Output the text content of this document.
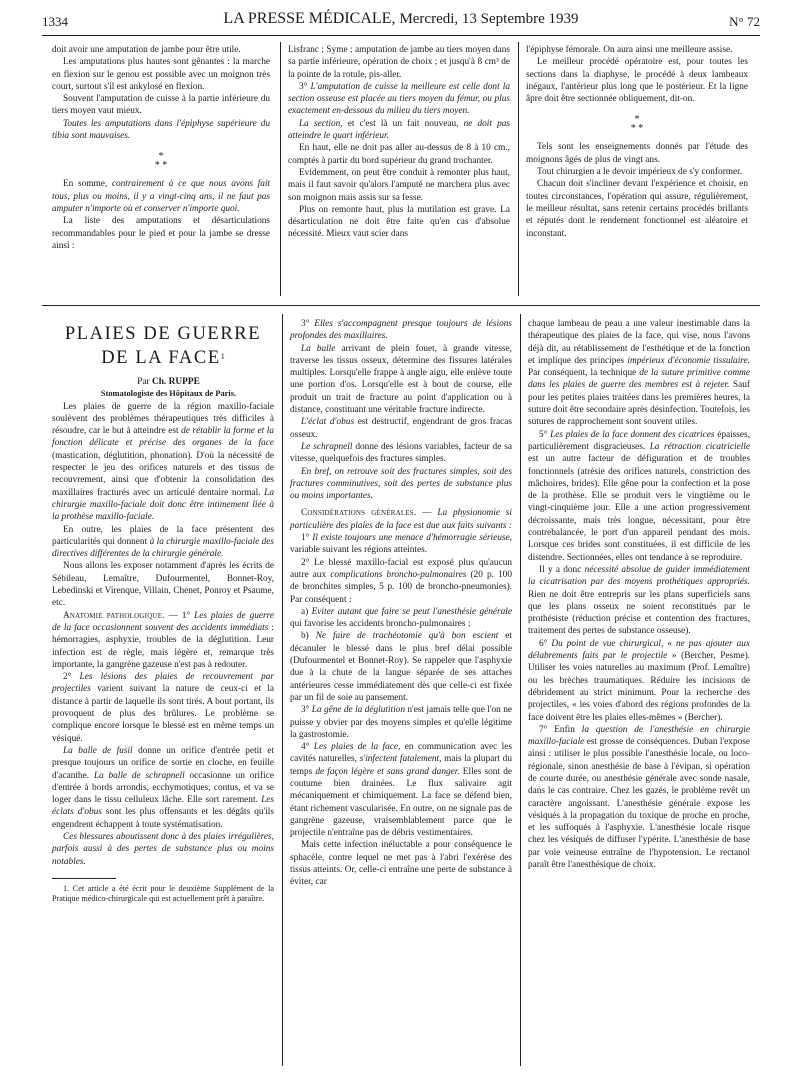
1334	LA PRESSE MÉDICALE, Mercredi, 13 Septembre 1939	N° 72

doit avoir une amputation de jambe pour être utile.

Les amputations plus hautes sont gênantes : la marche en flexion sur le genou est possible avec un moignon très court, surtout s'il est ankylosé en flexion.

Souvent l'amputation de cuisse à la partie inférieure du tiers moyen vaut mieux.

Toutes les amputations dans l'épiphyse supérieure du tibia sont mauvaises.

*
* *

En somme, contrairement à ce que nous avons fait tous, plus ou moins, il y a vingt-cinq ans, il ne faut pas amputer n'importe où et conserver n'importe quoi.

La liste des amputations et désarticulations recommandables pour le pied et pour la jambe se dresse ainsi :

Lisfranc ; Syme ; amputation de jambe au tiers moyen dans sa partie inférieure, opération de choix ; et jusqu'à 8 cm³ de la pointe de la rotule, pis-aller.

3° L'amputation de cuisse la meilleure est celle dont la section osseuse est placée au tiers moyen du fémur, ou plus exactement en-dessous du milieu du tiers moyen.

La section, et c'est là un fait nouveau, ne doit pas atteindre le quart inférieur.

En haut, elle ne doit pas aller au-dessus de 8 à 10 cm., comptés à partir du bord supérieur du grand trochanter.

Evidemment, on peut être conduit à remonter plus haut, mais il faut savoir qu'alors l'amputé ne marchera plus avec son moignon mais assis sur sa fesse.

Plus on remonte haut, plus la mutilation est grave. La désarticulation ne doit être faite qu'en cas d'absolue nécessité. Mieux vaut scier dans

l'épiphyse fémorale. On aura ainsi une meilleure assise.

Le meilleur procédé opératoire est, pour toutes les sections dans la diaphyse, le procédé à deux lambeaux inégaux, l'antérieur plus long que le postérieur. Et la ligne âpre doit être sectionnée obliquement, dit-on.

*
* *

Tels sont les enseignements donnés par l'étude des moignons âgés de plus de vingt ans.

Tout chirurgien a le devoir impérieux de s'y conformer.

Chacun doit s'incliner devant l'expérience et choisir, en toutes circonstances, l'opération qui assure, régulièrement, le meilleur résultat, sans retenir certains procédés brillants et réputés dont le rendement fonctionnel est aléatoire et inconstant.

PLAIES DE GUERRE
DE LA FACE$^1$

Par Ch. RUPPE

Stomatologiste des Hôpitaux de Paris.

Les plaies de guerre de la région maxillo-faciale soulèvent des problèmes thérapeutiques très difficiles à résoudre, car le but à atteindre est de rétablir la forme et la fonction délicate et précise des organes de la face (mastication, déglutition, phonation). D'où la nécessité de respecter le jeu des orifices naturels et des tissus de recouvrement, ainsi que d'obtenir la consolidation des maxillaires fracturés avec un articulé dentaire normal. La chirurgie maxillo-faciale doit donc être intimement liée à la prothèse maxillo-faciale.

En outre, les plaies de la face présentent des particularités qui donnent à la chirurgie maxillo-faciale des directives différentes de la chirurgie générale.

Nous allons les exposer notamment d'après les écrits de Sébileau, Lemaître, Dufourmentel, Bonnet-Roy, Lebedinski et Virenque, Villain, Chenet, Ponroy et Psaume, etc.

Anatomie pathologique. — 1° Les plaies de guerre de la face occasionnent souvent des accidents immédiats : hémorragies, asphyxie, troubles de la déglutition. Leur infection est de règle, mais légère et, remarque très importante, la gangrène gazeuse n'est pas à redouter.

2° Les lésions des plaies de recouvrement par projectiles varient suivant la nature de ceux-ci et la distance à partir de laquelle ils sont tirés. A bout portant, ils provoquent de plus des brûlures. Le problème se complique encore lorsque le blessé est en même temps un vésiqué.

La balle de fusil donne un orifice d'entrée petit et presque toujours un orifice de sortie en cloche, en feuille d'acanthe. La balle de schrapnell occasionne un orifice d'entrée à bords arrondis, ecchymotiques, contus, et va se loger dans le tissu celluleux lâche. Elle sort rarement. Les éclats d'obus sont les plus offensants et les dégâts qu'ils engendrent échappent à toute systématisation.

Ces blessures aboutissent donc à des plaies irrégulières, parfois aussi à des pertes de substance plus ou moins notables.

1. Cet article a été écrit pour le deuxième Supplément de la Pratique médico-chirurgicale qui est actuellement prêt à paraître.

3° Elles s'accompagnent presque toujours de lésions profondes des maxillaires.

La balle arrivant de plein fouet, à grande vitesse, traverse les tissus osseux, détermine des fissures latérales multiples. Lorsqu'elle frappe à angle aigu, elle enlève toute une portion d'os. Lorsqu'elle est à bout de course, elle produit un trait de fracture au point d'application ou à distance, constituant une véritable fracture indirecte.

L'éclat d'obus est destructif, engendrant de gros fracas osseux.

Le schrapnell donne des lésions variables, facteur de sa vitesse, quelquefois des fractures simples.

En bref, on retrouve soit des fractures simples, soit des fractures comminutives, soit des pertes de substance plus ou moins importantes.

Considérations générales. — La physionomie si particulière des plaies de la face est due aux faits suivants :

1° Il existe toujours une menace d'hémorragie sérieuse, variable suivant les régions atteintes.

2° Le blessé maxillo-facial est exposé plus qu'aucun autre aux complications broncho-pulmonaires (20 p. 100 de bronchites simples, 5 p. 100 de broncho-pneumonies). Par conséquent :

a) Eviter autant que faire se peut l'anesthésie générale qui favorise les accidents broncho-pulmonaires ;

b) Ne faire de trachéotomie qu'à bon escient et décanuler le blessé dans le plus bref délai possible (Dufourmentel et Bonnet-Roy). Se rappeler que l'asphyxie due à la chute de la langue séparée de ses attaches antérieures cesse immédiatement dès que celle-ci est fixée par un fil de soie au pansement.

3° La gêne de la déglutition n'est jamais telle que l'on ne puisse y obvier par des moyens simples et qu'elle légitime la gastrostomie.

4° Les plaies de la face, en communication avec les cavités naturelles, s'infectent fatalement, mais la plupart du temps de façon légère et sans grand danger. Elles sont de coutume bien drainées. Le flux salivaire agit mécaniquement et chimiquement. La face se défend bien, étant richement vascularisée. En outre, on ne signale pas de gangrène gazeuse, vraisemblablement parce que le projectile n'entraîne pas de débris vestimentaires.

Mais cette infection inéluctable a pour conséquence le sphacèle, contre lequel ne met pas à l'abri l'exérèse des tissus atteints. Or, celle-ci entraîne une perte de substance à éviter, car

chaque lambeau de peau a une valeur inestimable dans la thérapeutique des plaies de la face, qui vise, nous l'avons déjà dit, au rétablissement de l'esthétique et de la fonction et implique des principes impérieux d'économie tissulaire. Par conséquent, la technique de la suture primitive comme dans les plaies de guerre des membres est à rejeter. Sauf pour les petites plaies traitées dans les premières heures, la suture doit être secondaire après désinfection. Toutefois, les sutures de rapprochement sont souvent utiles.

5° Les plaies de la face donnent des cicatrices épaisses, particulièrement disgracieuses. La rétraction cicatricielle est un autre facteur de défiguration et de troubles fonctionnels (atrésie des orifices naturels, constriction des mâchoires, brides). Elle gêne pour la confection et la pose de la prothèse. Elle se produit vers le vingtième ou le vingt-cinquième jour. Elle a une action progressivement décroissante, mais très longue, nécessitant, pour être contrebalancée, le port d'un appareil pendant des mois. Lorsque ces brides sont constituées, il est difficile de les distendre. Sectionnées, elles ont tendance à se reproduire.

Il y a donc nécessité absolue de guider immédiatement la cicatrisation par des moyens prothétiques appropriés. Rien ne doit être entrepris sur les plans superficiels sans que les plans osseux ne soient reconstitués par le prothésiste (réduction précise et contention des fractures, traitement des pertes de substance osseuse).

6° Du point de vue chirurgical, « ne pas ajouter aux délabrements faits par le projectile » (Bercher, Pesme). Utiliser les voies naturelles au maximum (Prof. Lemaître) ou les brèches traumatiques. Réduire les incisions de débridement au strict minimum. Pour la recherche des projectiles, « les voies d'abord des régions profondes de la face doivent être les plaies elles-mêmes » (Bercher).

7° Enfin la question de l'anesthésie en chirurgie maxillo-faciale est grosse de conséquences. Duban l'expose ainsi : utiliser le plus possible l'anesthésie locale, ou loco-régionale, sinon anesthésie de base à l'évipan, si opération de courte durée, ou anesthésie générale avec sonde nasale, dans le cas contraire. Chez les gazés, le problème revêt un caractère angoissant. L'anesthésie générale expose les vésiqués à la propagation du toxique de proche en proche, et les suffoqués à l'asphyxie. L'anesthésie locale risque chez les vésiqués de diffuser l'ypérite. L'anesthésie de base par voie veineuse entraîne de l'hypotension. Le rectanol paraît être l'anesthésique de choix.
